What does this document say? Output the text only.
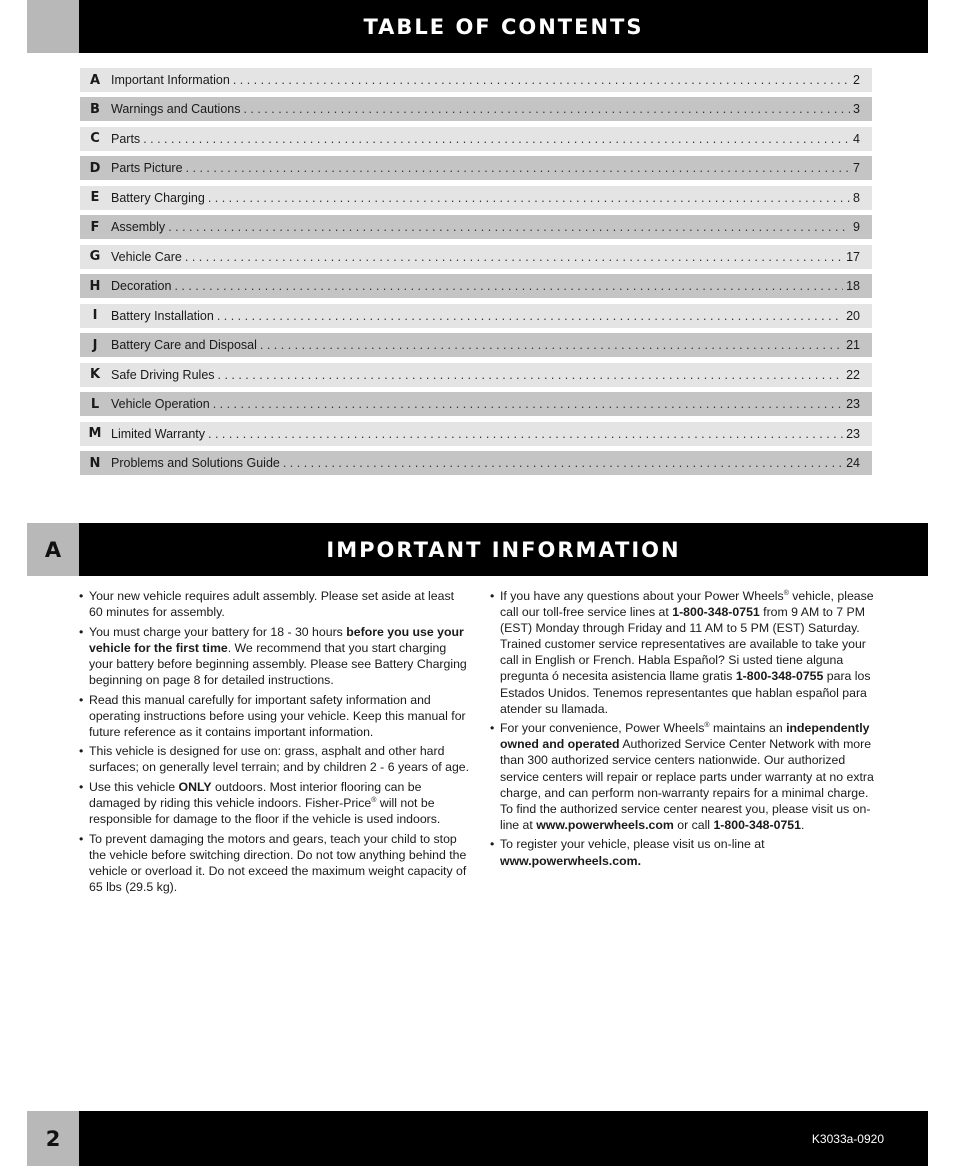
TABLE OF CONTENTS
A Important Information . . .	2
B Warnings and Cautions . . .	3
C Parts . . .	4
D Parts Picture . . .	7
E Battery Charging . . .	8
F Assembly . . .	9
G Vehicle Care . . .	17
H Decoration . . .	18
I	Battery Installation . . .	20
J	Battery Care and Disposal . . .	21
K Safe Driving Rules . . .	22
L Vehicle Operation . . .	23
M Limited Warranty . . .	23
N Problems and Solutions Guide . . .	24
A	IMPORTANT INFORMATION
• Your new vehicle requires adult assembly. Please set aside at least 60 minutes for assembly.
• You must charge your battery for 18 - 30 hours before you use your vehicle for the first time. We recommend that you start charging your battery before beginning assembly. Please see Battery Charging beginning on page 8 for detailed instructions.
• Read this manual carefully for important safety information and operating instructions before using your vehicle. Keep this manual for future reference as it contains important information.
• This vehicle is designed for use on: grass, asphalt and other hard surfaces; on generally level terrain; and by children 2 - 6 years of age.
• Use this vehicle ONLY outdoors. Most interior flooring can be damaged by riding this vehicle indoors. Fisher-Price® will not be responsible for damage to the floor if the vehicle is used indoors.
• To prevent damaging the motors and gears, teach your child to stop the vehicle before switching direction. Do not tow anything behind the vehicle or overload it. Do not exceed the maximum weight capacity of 65 lbs (29.5 kg).
• If you have any questions about your Power Wheels® vehicle, please call our toll-free service lines at 1-800-348-0751 from 9 AM to 7 PM (EST) Monday through Friday and 11 AM to 5 PM (EST) Saturday. Trained customer service representatives are available to take your call in English or French. Habla Español? Si usted tiene alguna pregunta ó necesita asistencia llame gratis 1-800-348-0755 para los Estados Unidos. Tenemos representantes que hablan español para atender su llamada.
• For your convenience, Power Wheels® maintains an independently owned and operated Authorized Service Center Network with more than 300 authorized service centers nationwide. Our authorized service centers will repair or replace parts under warranty at no extra charge, and can perform non-warranty repairs for a minimal charge. To find the authorized service center nearest you, please visit us on-line at www.powerwheels.com or call 1-800-348-0751.
• To register your vehicle, please visit us on-line at www.powerwheels.com.
2	K3033a-0920
